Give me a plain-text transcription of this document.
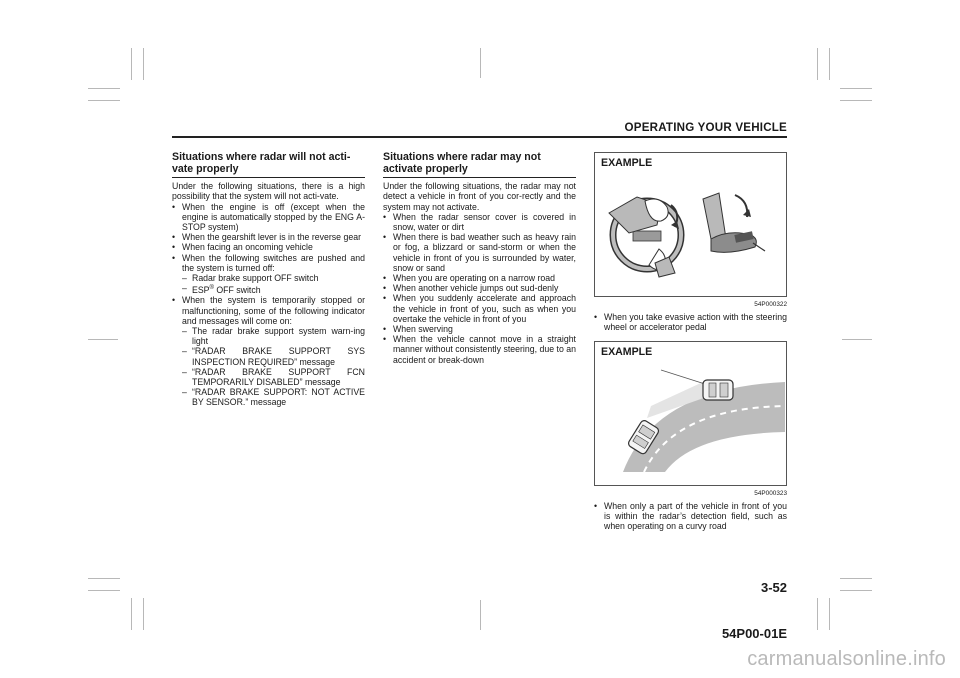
OPERATING YOUR VEHICLE
Situations where radar will not acti-vate properly

Under the following situations, there is a high possibility that the system will not acti-vate.

• When the engine is off (except when the engine is automatically stopped by the ENG A-STOP system)
• When the gearshift lever is in the reverse gear
• When facing an oncoming vehicle
• When the following switches are pushed and the system is turned off:
– Radar brake support OFF switch
– ESP® OFF switch
• When the system is temporarily stopped or malfunctioning, some of the following indicator and messages will come on:
– The radar brake support system warn-ing light
– “RADAR BRAKE SUPPORT SYS INSPECTION REQUIRED” message
– “RADAR BRAKE SUPPORT FCN TEMPORARILY DISABLED” message
– “RADAR BRAKE SUPPORT: NOT ACTIVE BY SENSOR.” message
Situations where radar may not activate properly

Under the following situations, the radar may not detect a vehicle in front of you cor-rectly and the system may not activate.

• When the radar sensor cover is covered in snow, water or dirt
• When there is bad weather such as heavy rain or fog, a blizzard or sand-storm or when the vehicle in front of you is surrounded by water, snow or sand
• When you are operating on a narrow road
• When another vehicle jumps out sud-denly
• When you suddenly accelerate and approach the vehicle in front of you, such as when you overtake the vehicle in front of you
• When swerving
• When the vehicle cannot move in a straight manner without consistently steering, due to an accident or break-down
EXAMPLE
54P000322
• When you take evasive action with the steering wheel or accelerator pedal
EXAMPLE
54P000323
• When only a part of the vehicle in front of you is within the radar’s detection field, such as when operating on a curvy road
3-52
54P00-01E
carmanualsonline.info
